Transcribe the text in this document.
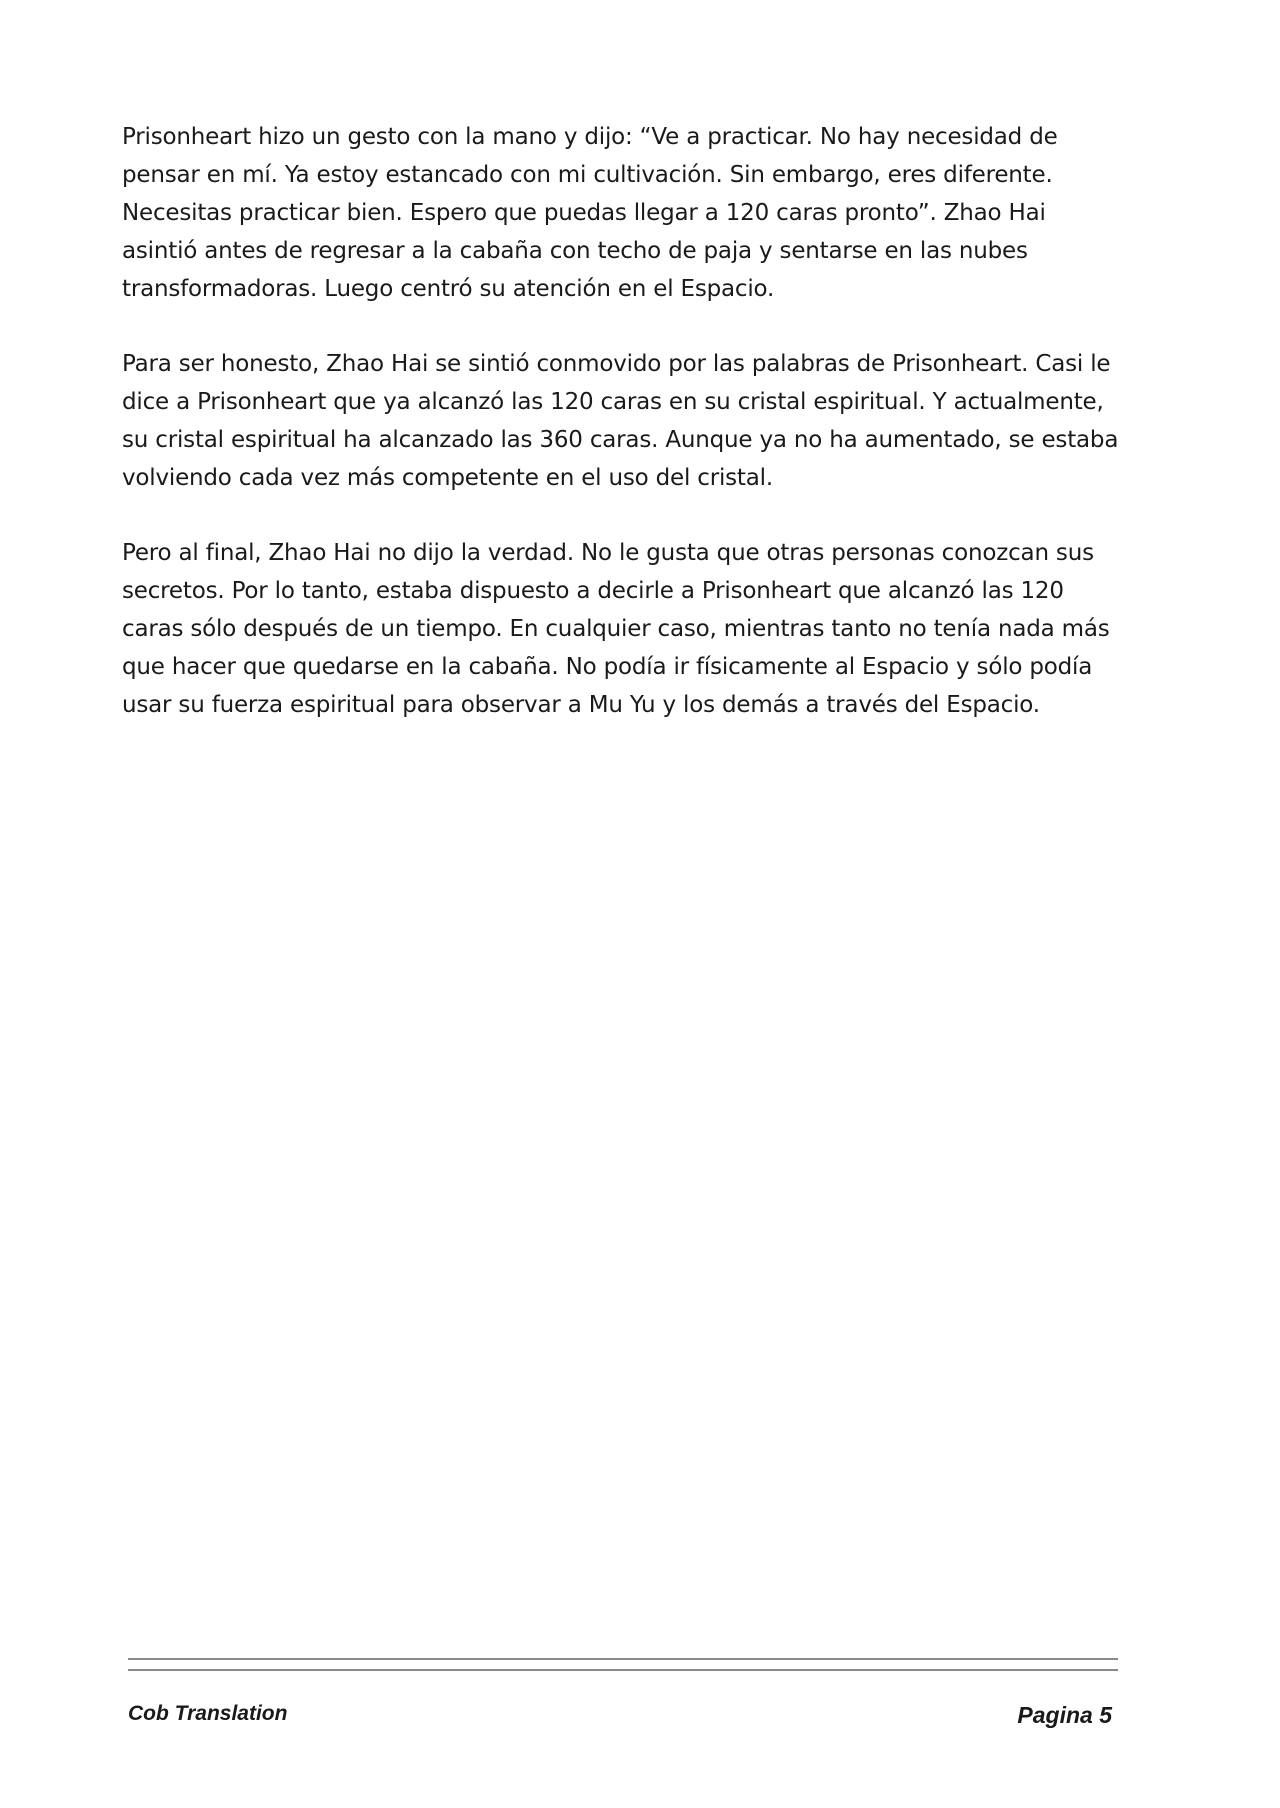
Prisonheart hizo un gesto con la mano y dijo: “Ve a practicar. No hay necesidad de pensar en mí. Ya estoy estancado con mi cultivación. Sin embargo, eres diferente. Necesitas practicar bien. Espero que puedas llegar a 120 caras pronto”. Zhao Hai asintió antes de regresar a la cabaña con techo de paja y sentarse en las nubes transformadoras. Luego centró su atención en el Espacio.

Para ser honesto, Zhao Hai se sintió conmovido por las palabras de Prisonheart. Casi le dice a Prisonheart que ya alcanzó las 120 caras en su cristal espiritual. Y actualmente, su cristal espiritual ha alcanzado las 360 caras. Aunque ya no ha aumentado, se estaba volviendo cada vez más competente en el uso del cristal.

Pero al final, Zhao Hai no dijo la verdad. No le gusta que otras personas conozcan sus secretos. Por lo tanto, estaba dispuesto a decirle a Prisonheart que alcanzó las 120 caras sólo después de un tiempo. En cualquier caso, mientras tanto no tenía nada más que hacer que quedarse en la cabaña. No podía ir físicamente al Espacio y sólo podía usar su fuerza espiritual para observar a Mu Yu y los demás a través del Espacio.

Cob Translation	Pagina 5
